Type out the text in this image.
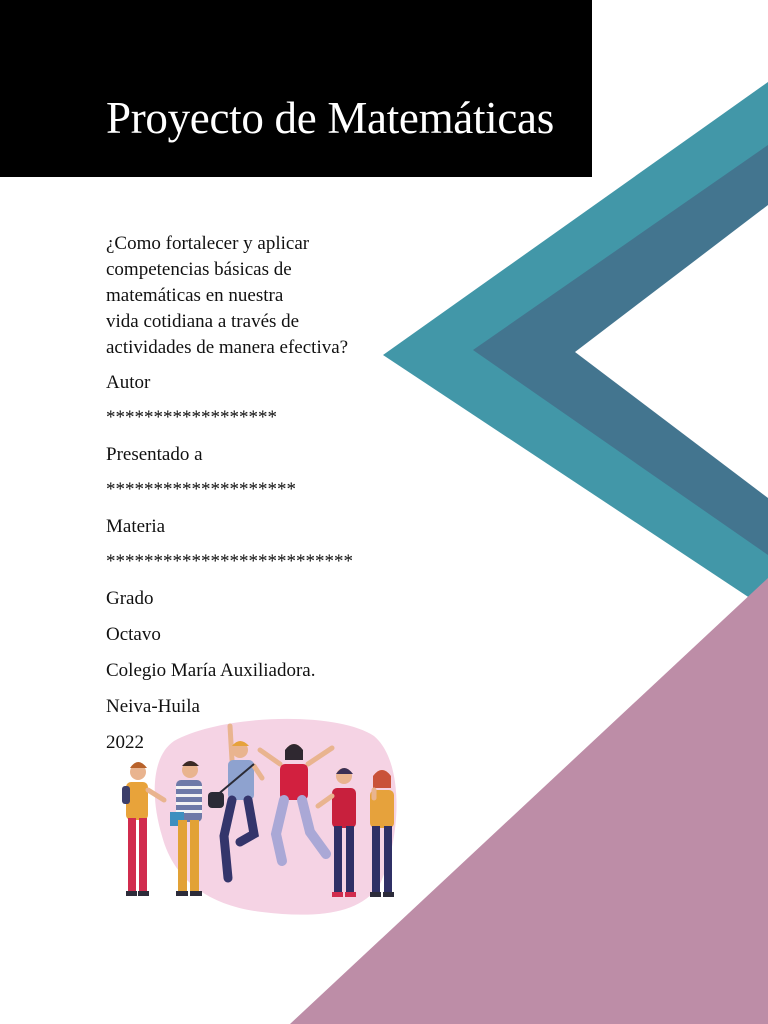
Proyecto de Matemáticas
¿Como fortalecer y aplicar
competencias básicas de
matemáticas en nuestra
vida cotidiana a través de
actividades de manera efectiva?

Autor

******************

Presentado a

********************

Materia

**************************

Grado

Octavo

Colegio María Auxiliadora.

Neiva-Huila

2022
